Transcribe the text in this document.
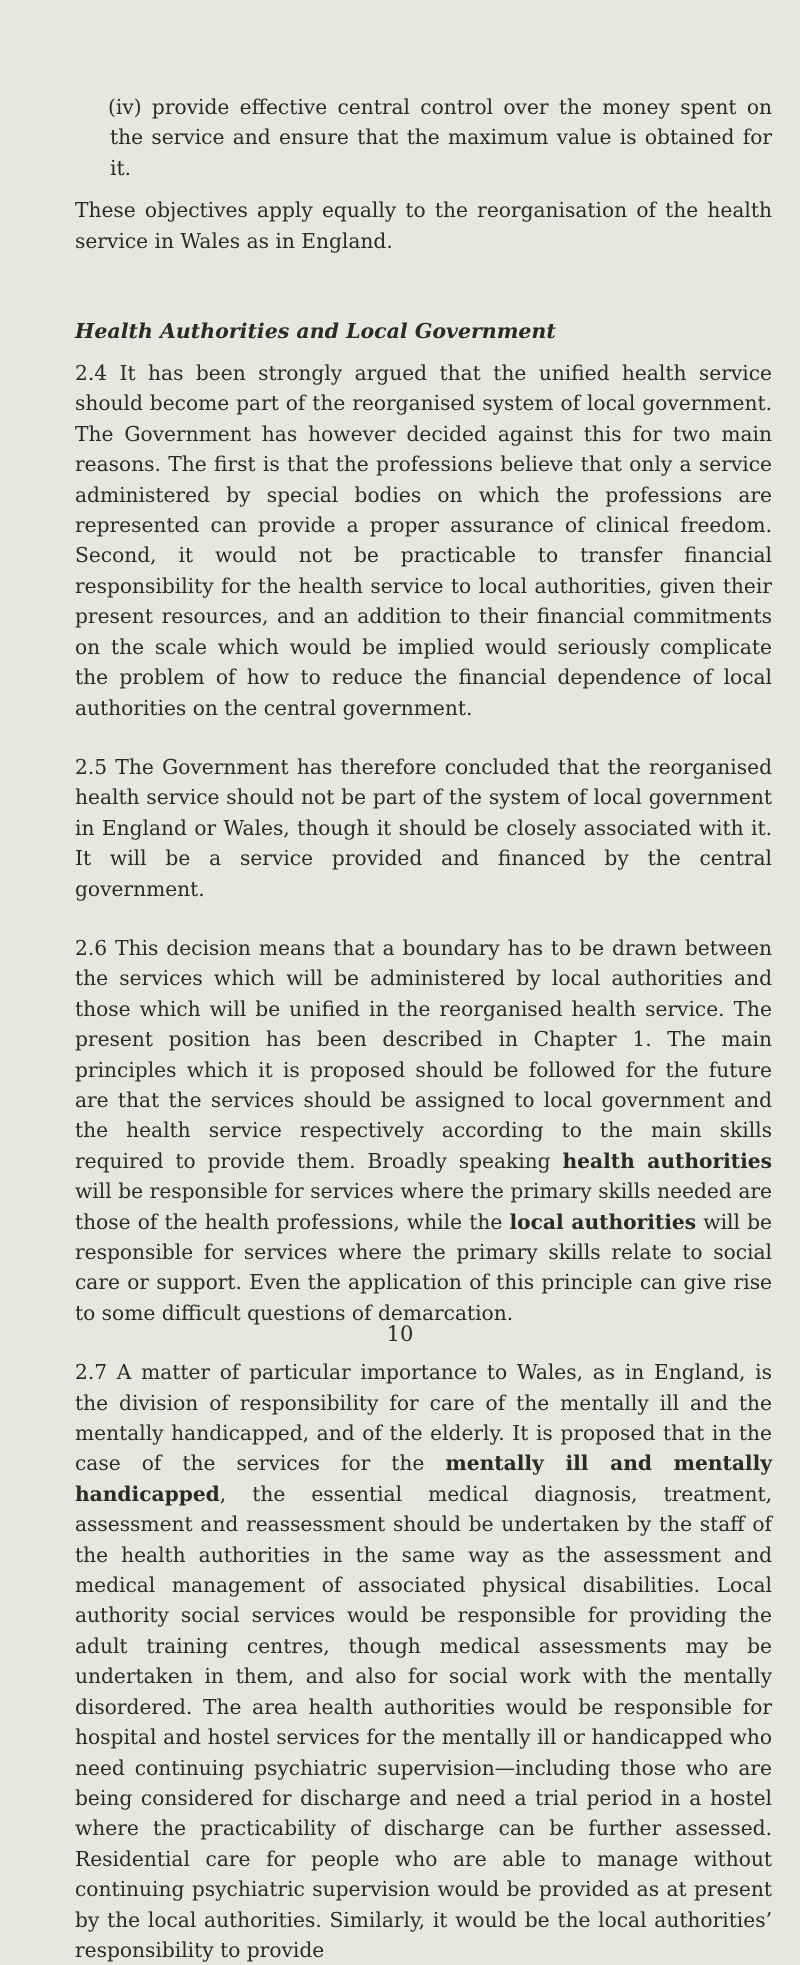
(iv) provide effective central control over the money spent on the service and ensure that the maximum value is obtained for it.

These objectives apply equally to the reorganisation of the health service in Wales as in England.

Health Authorities and Local Government

2.4 It has been strongly argued that the unified health service should become part of the reorganised system of local government. The Government has however decided against this for two main reasons. The first is that the professions believe that only a service administered by special bodies on which the professions are represented can provide a proper assurance of clinical freedom. Second, it would not be practicable to transfer financial responsibility for the health service to local authorities, given their present resources, and an addition to their financial commitments on the scale which would be implied would seriously complicate the problem of how to reduce the financial dependence of local authorities on the central government.

2.5 The Government has therefore concluded that the reorganised health service should not be part of the system of local government in England or Wales, though it should be closely associated with it. It will be a service provided and financed by the central government.

2.6 This decision means that a boundary has to be drawn between the services which will be administered by local authorities and those which will be unified in the reorganised health service. The present position has been described in Chapter 1. The main principles which it is proposed should be followed for the future are that the services should be assigned to local government and the health service respectively according to the main skills required to provide them. Broadly speaking health authorities will be responsible for services where the primary skills needed are those of the health professions, while the local authorities will be responsible for services where the primary skills relate to social care or support. Even the application of this principle can give rise to some difficult questions of demarcation.

2.7 A matter of particular importance to Wales, as in England, is the division of responsibility for care of the mentally ill and the mentally handicapped, and of the elderly. It is proposed that in the case of the services for the mentally ill and mentally handicapped, the essential medical diagnosis, treatment, assessment and reassessment should be undertaken by the staff of the health authorities in the same way as the assessment and medical management of associated physical disabilities. Local authority social services would be responsible for providing the adult training centres, though medical assessments may be undertaken in them, and also for social work with the mentally disordered. The area health authorities would be responsible for hospital and hostel services for the mentally ill or handicapped who need continuing psychiatric supervision—including those who are being considered for discharge and need a trial period in a hostel where the practicability of discharge can be further assessed. Residential care for people who are able to manage without continuing psychiatric supervision would be provided as at present by the local authorities. Similarly, it would be the local authorities’ responsibility to provide

10
